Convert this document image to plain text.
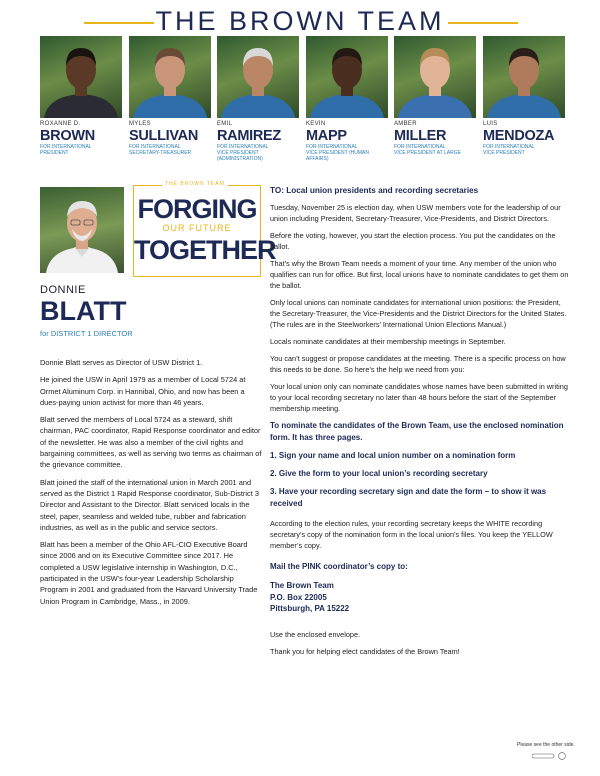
THE BROWN TEAM
ROXANNE D.
BROWN
FOR INTERNATIONAL
PRESIDENT
MYLES
SULLIVAN
FOR INTERNATIONAL
SECRETARY-TREASURER
EMIL
RAMIREZ
FOR INTERNATIONAL
VICE PRESIDENT (ADMINISTRATION)
KEVIN
MAPP
FOR INTERNATIONAL
VICE PRESIDENT (HUMAN AFFAIRS)
AMBER
MILLER
FOR INTERNATIONAL
VICE PRESIDENT AT LARGE
LUIS
MENDOZA
FOR INTERNATIONAL
VICE PRESIDENT
THE BROWN TEAM
FORGING
OUR FUTURE
TOGETHER
DONNIE
BLATT
for DISTRICT 1 DIRECTOR

Donnie Blatt serves as Director of USW District 1.

He joined the USW in April 1979 as a member of Local 5724 at Ormet Aluminum Corp. in Hannibal, Ohio, and now has been a dues-paying union activist for more than 46 years.

Blatt served the members of Local 5724 as a steward, shift chairman, PAC coordinator, Rapid Response coordinator and editor of the newsletter. He was also a member of the civil rights and bargaining committees, as well as serving two terms as chairman of the grievance committee.

Blatt joined the staff of the international union in March 2001 and served as the District 1 Rapid Response coordinator, Sub-District 3 Director and Assistant to the Director. Blatt serviced locals in the steel, paper, seamless and welded tube, rubber and fabrication industries, as well as in the public and service sectors.

Blatt has been a member of the Ohio AFL-CIO Executive Board since 2006 and on its Executive Committee since 2017. He completed a USW legislative internship in Washington, D.C., participated in the USW’s four-year Leadership Scholarship Program in 2001 and graduated from the Harvard University Trade Union Program in Cambridge, Mass., in 2009.

TO: Local union presidents and recording secretaries

Tuesday, November 25 is election day, when USW members vote for the leadership of our union including President, Secretary-Treasurer, Vice-Presidents, and District Directors.

Before the voting, however, you start the election process. You put the candidates on the ballot.

That’s why the Brown Team needs a moment of your time. Any member of the union who qualifies can run for office. But first, local unions have to nominate candidates to get them on the ballot.

Only local unions can nominate candidates for international union positions: the President, the Secretary-Treasurer, the Vice-Presidents and the District Directors for the United States. (The rules are in the Steelworkers’ International Union Elections Manual.)

Locals nominate candidates at their membership meetings in September.

You can’t suggest or propose candidates at the meeting. There is a specific process on how this needs to be done. So here’s the help we need from you:

Your local union only can nominate candidates whose names have been submitted in writing to your local recording secretary no later than 48 hours before the start of the September membership meeting.

To nominate the candidates of the Brown Team, use the enclosed nomination form. It has three pages.

1. Sign your name and local union number on a nomination form
2. Give the form to your local union’s recording secretary
3. Have your recording secretary sign and date the form – to show it was received

According to the election rules, your recording secretary keeps the WHITE recording secretary’s copy of the nomination form in the local union’s files. You keep the YELLOW member’s copy.

Mail the PINK coordinator’s copy to:

The Brown Team
P.O. Box 22005
Pittsburgh, PA 15222

Use the enclosed envelope.

Thank you for helping elect candidates of the Brown Team!

Please see the other side.
